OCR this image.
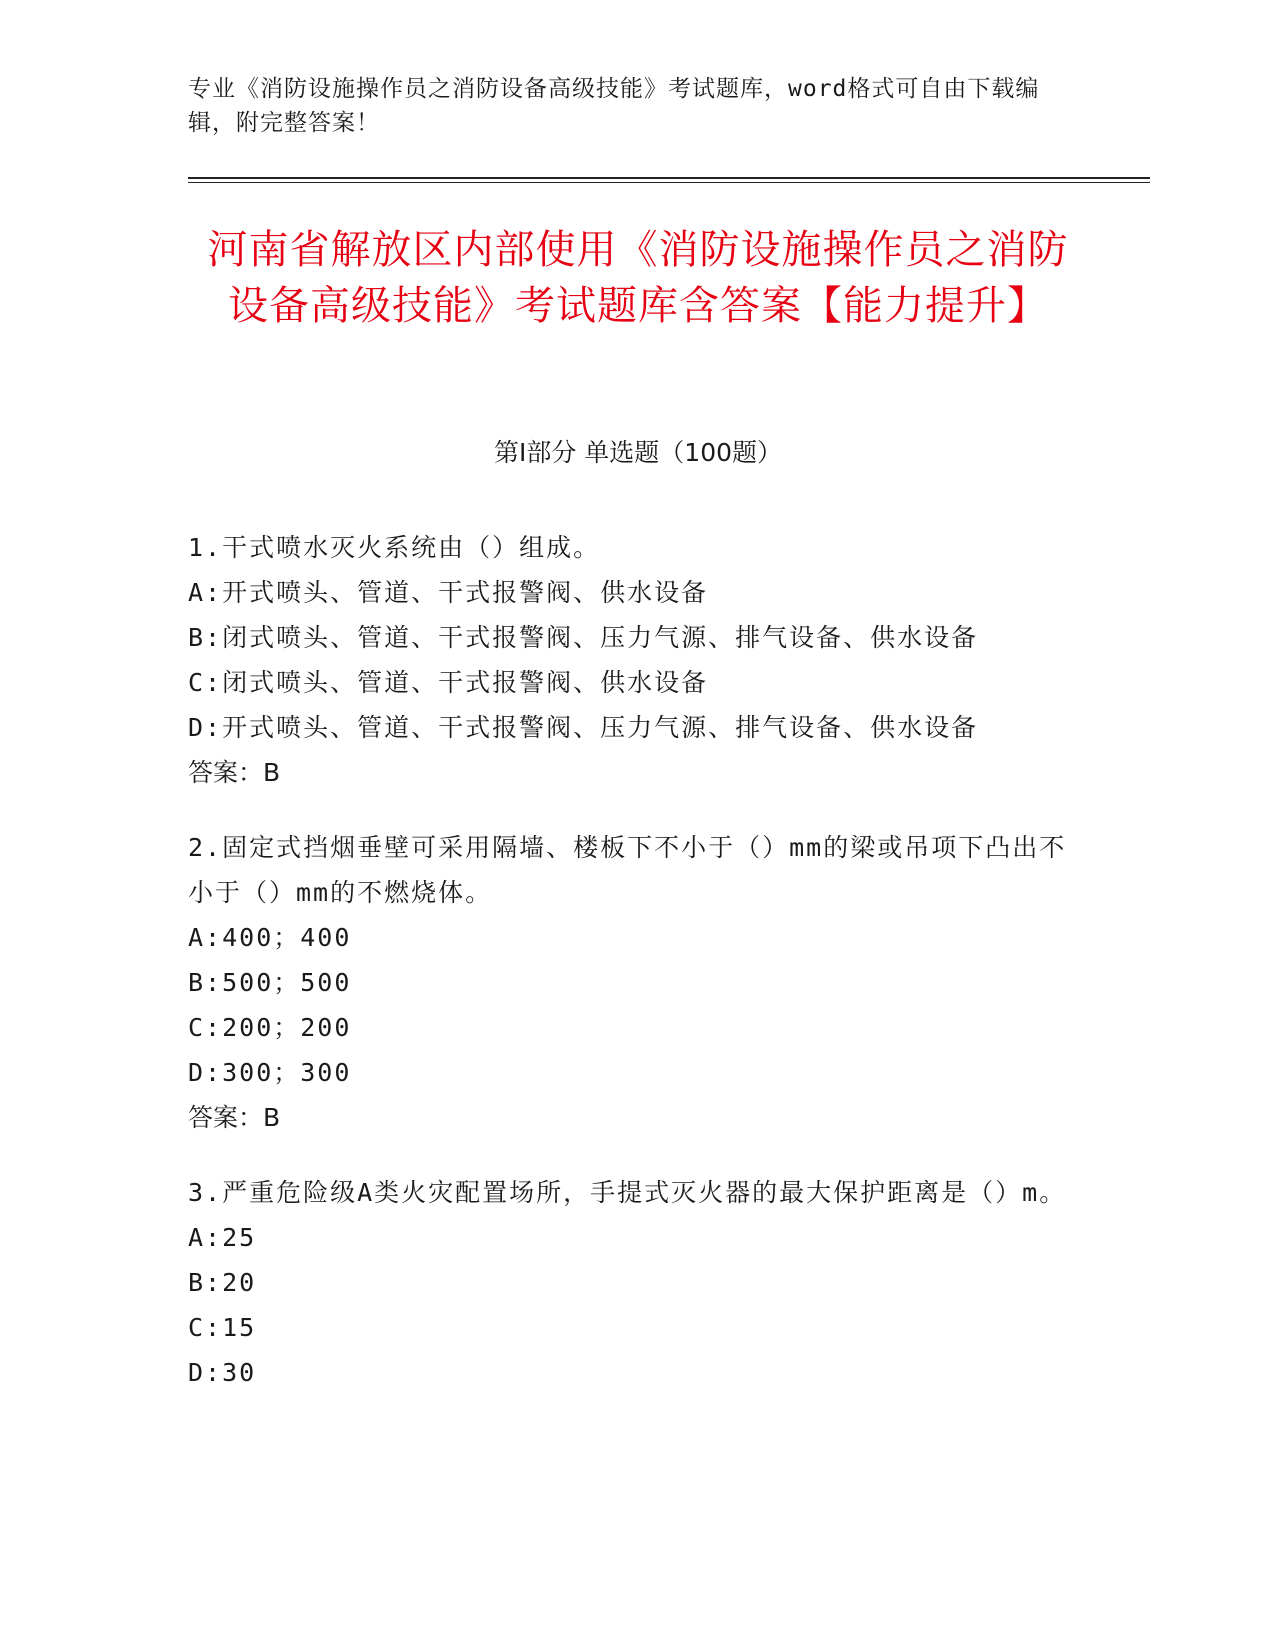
专业《消防设施操作员之消防设备高级技能》考试题库，word格式可自由下载编辑，附完整答案！
河南省解放区内部使用《消防设施操作员之消防设备高级技能》考试题库含答案【能力提升】
第I部分 单选题（100题）

1.干式喷水灭火系统由（）组成。

A:开式喷头、管道、干式报警阀、供水设备

B:闭式喷头、管道、干式报警阀、压力气源、排气设备、供水设备

C:闭式喷头、管道、干式报警阀、供水设备

D:开式喷头、管道、干式报警阀、压力气源、排气设备、供水设备

答案：B

2.固定式挡烟垂壁可采用隔墙、楼板下不小于（）mm的梁或吊项下凸出不小于（）mm的不燃烧体。

A:400；400

B:500；500

C:200；200

D:300；300

答案：B

3.严重危险级A类火灾配置场所，手提式灭火器的最大保护距离是（）m。

A:25

B:20

C:15

D:30
